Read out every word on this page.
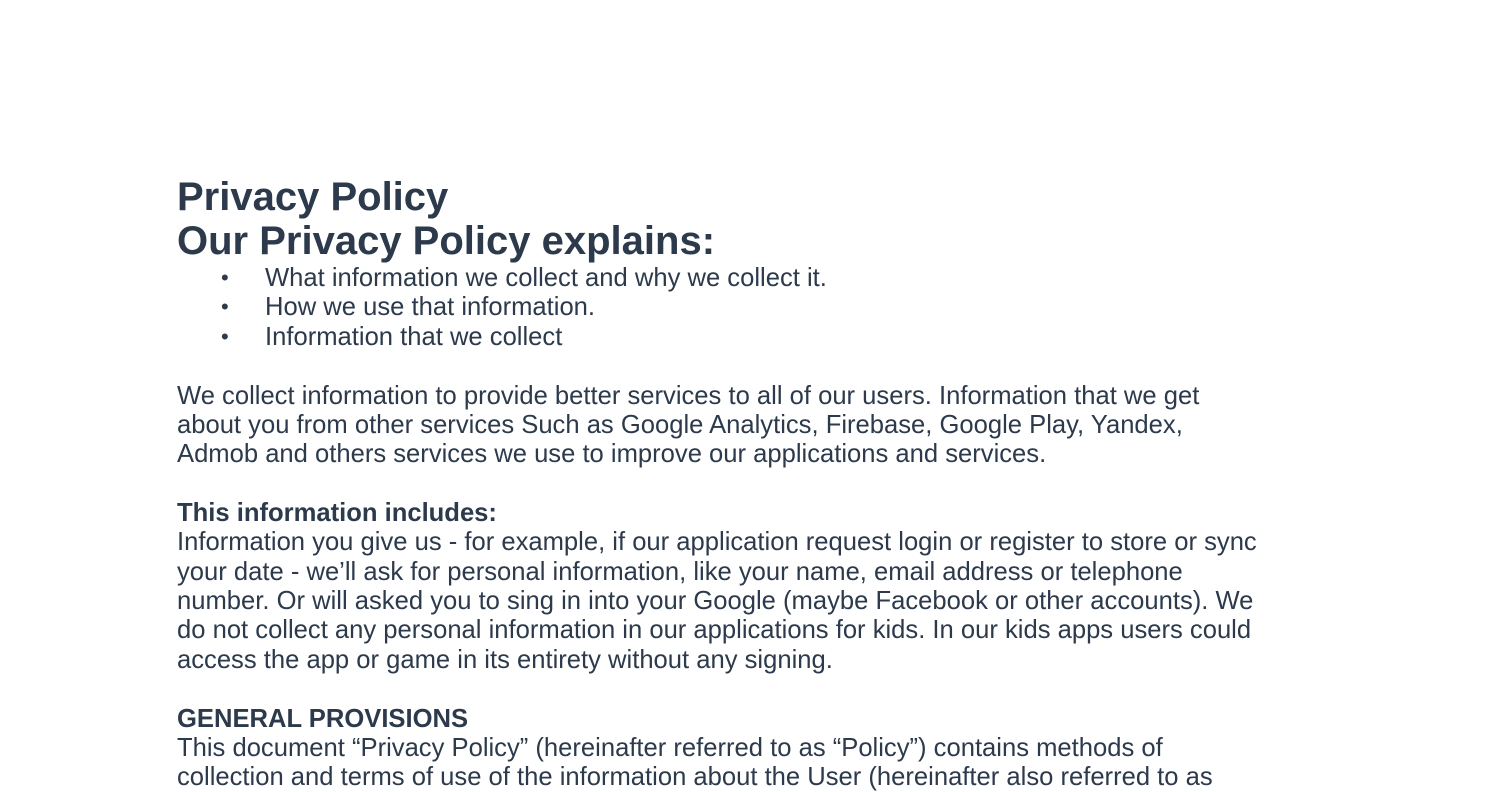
Privacy Policy
Our Privacy Policy explains:
• What information we collect and why we collect it.
• How we use that information.
• Information that we collect
We collect information to provide better services to all of our users. Information that we get
about you from other services Such as Google Analytics, Firebase, Google Play, Yandex,
Admob and others services we use to improve our applications and services.
This information includes:
Information you give us - for example, if our application request login or register to store or sync
your date - we’ll ask for personal information, like your name, email address or telephone
number. Or will asked you to sing in into your Google (maybe Facebook or other accounts). We
do not collect any personal information in our applications for kids. In our kids apps users could
access the app or game in its entirety without any signing.
GENERAL PROVISIONS
This document “Privacy Policy” (hereinafter referred to as “Policy”) contains methods of
collection and terms of use of the information about the User (hereinafter also referred to as
